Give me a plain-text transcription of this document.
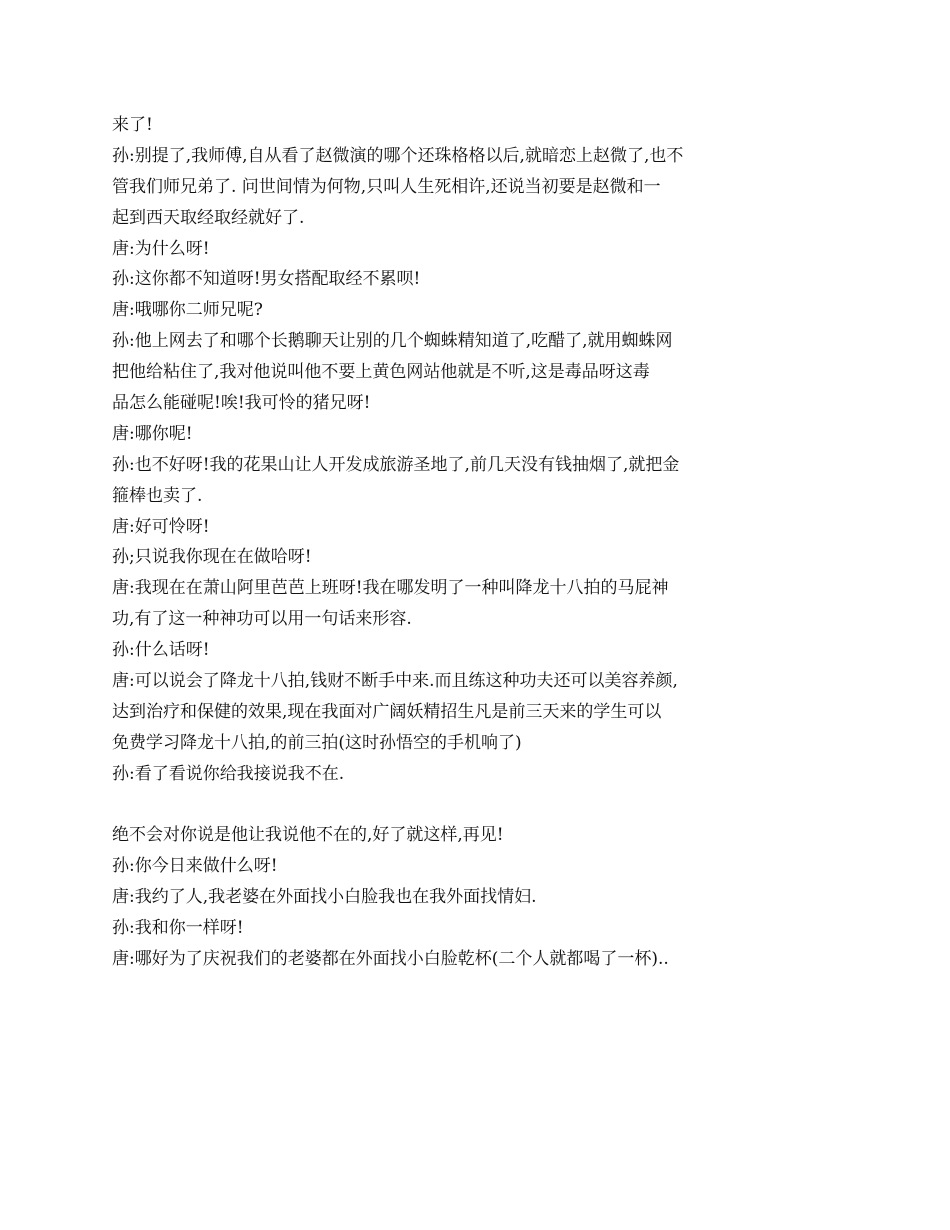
来了!
孙:别提了,我师傅,自从看了赵微演的哪个还珠格格以后,就暗恋上赵微了,也不
管我们师兄弟了. 问世间情为何物,只叫人生死相许,还说当初要是赵微和一
起到西天取经取经就好了.
唐:为什么呀!
孙:这你都不知道呀!男女搭配取经不累呗!
唐:哦哪你二师兄呢?
孙:他上网去了和哪个长鹅聊天让别的几个蜘蛛精知道了,吃醋了,就用蜘蛛网
把他给粘住了,我对他说叫他不要上黄色网站他就是不听,这是毒品呀这毒
品怎么能碰呢!唉!我可怜的猪兄呀!
唐:哪你呢!
孙:也不好呀!我的花果山让人开发成旅游圣地了,前几天没有钱抽烟了,就把金
箍棒也卖了.
唐:好可怜呀!
孙;只说我你现在在做哈呀!
唐:我现在在萧山阿里芭芭上班呀!我在哪发明了一种叫降龙十八拍的马屁神
功,有了这一种神功可以用一句话来形容.
孙:什么话呀!
唐:可以说会了降龙十八拍,钱财不断手中来.而且练这种功夫还可以美容养颜,
达到治疗和保健的效果,现在我面对广阔妖精招生凡是前三天来的学生可以
免费学习降龙十八拍,的前三拍(这时孙悟空的手机响了)
孙:看了看说你给我接说我不在.
绝不会对你说是他让我说他不在的,好了就这样,再见!
孙:你今日来做什么呀!
唐:我约了人,我老婆在外面找小白脸我也在我外面找情妇.
孙:我和你一样呀!
唐:哪好为了庆祝我们的老婆都在外面找小白脸乾杯(二个人就都喝了一杯)..
